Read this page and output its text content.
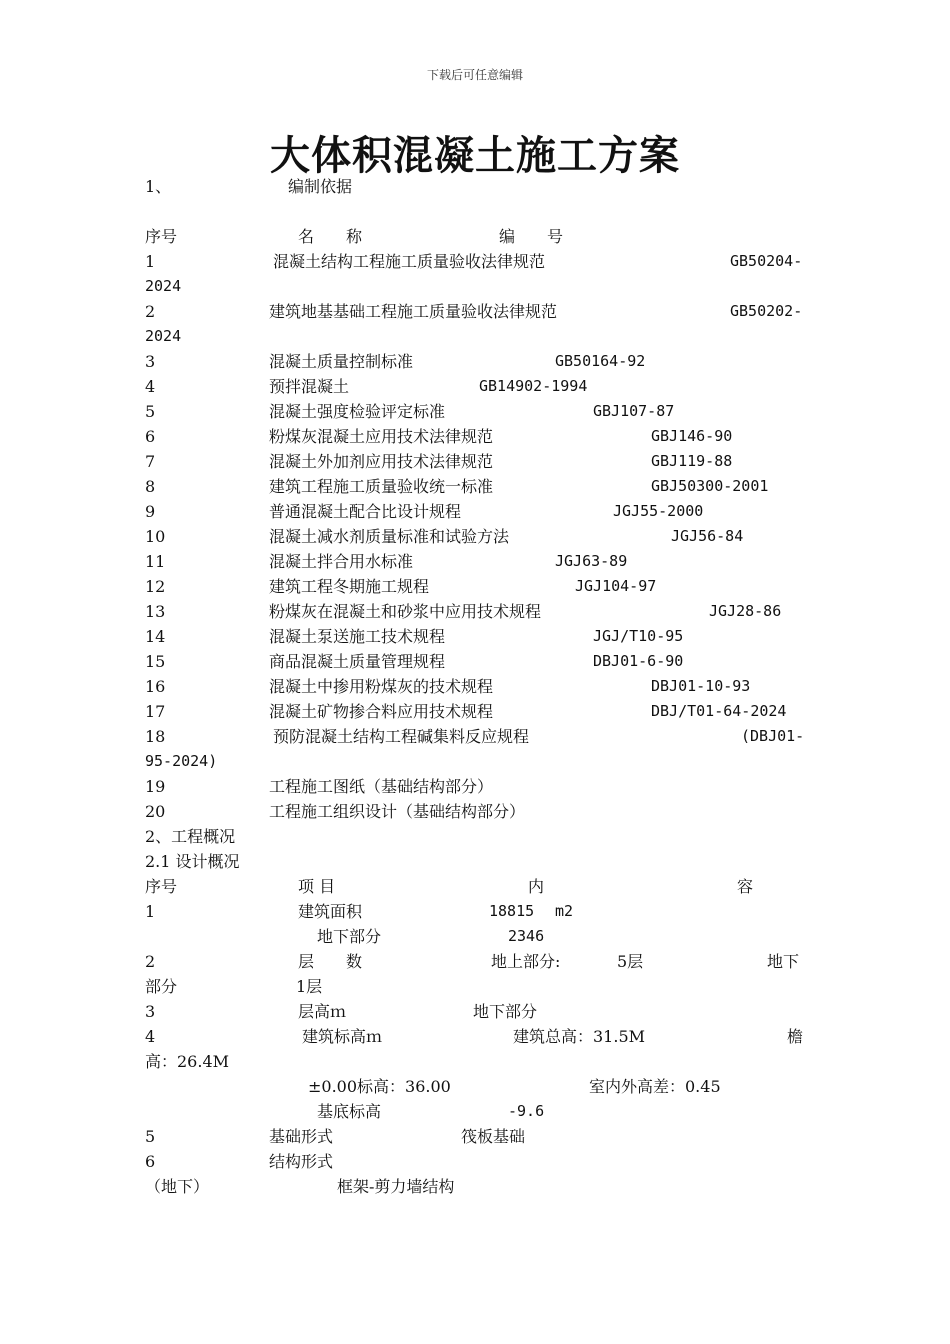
下载后可任意编辑
大体积混凝土施工方案
1、	编制依据
序号	名　　称	编　　号
1	混凝土结构工程施工质量验收法律规范	GB50204-
2024
2	建筑地基基础工程施工质量验收法律规范	GB50202-
2024
3	混凝土质量控制标准	GB50164-92
4	预拌混凝土	GB14902-1994
5	混凝土强度检验评定标准	GBJ107-87
6	粉煤灰混凝土应用技术法律规范	GBJ146-90
7	混凝土外加剂应用技术法律规范	GBJ119-88
8	建筑工程施工质量验收统一标准	GBJ50300-2001
9	普通混凝土配合比设计规程	JGJ55-2000
10	混凝土减水剂质量标准和试验方法	JGJ56-84
11	混凝土拌合用水标准	JGJ63-89
12	建筑工程冬期施工规程	JGJ104-97
13	粉煤灰在混凝土和砂浆中应用技术规程	JGJ28-86
14	混凝土泵送施工技术规程	JGJ/T10-95
15	商品混凝土质量管理规程	DBJ01-6-90
16	混凝土中掺用粉煤灰的技术规程	DBJ01-10-93
17	混凝土矿物掺合料应用技术规程	DBJ/T01-64-2024
18	预防混凝土结构工程碱集料反应规程	(DBJ01-
95-2024)
19	工程施工图纸（基础结构部分）
20	工程施工组织设计（基础结构部分）
2、工程概况
2.1 设计概况
序号	项 目	内	容
1	建筑面积	18815 m2
地下部分	2346
2	层　　数	地上部分:	5层	地下
部分	1层
3	层高ｍ	地下部分
4	建筑标高ｍ	建筑总高：31.5M	檐
高：26.4M
±0.00标高：36.00	室内外高差：0.45
基底标高	-9.6
5	基础形式	筏板基础
6	结构形式
（地下）	框架-剪力墙结构
